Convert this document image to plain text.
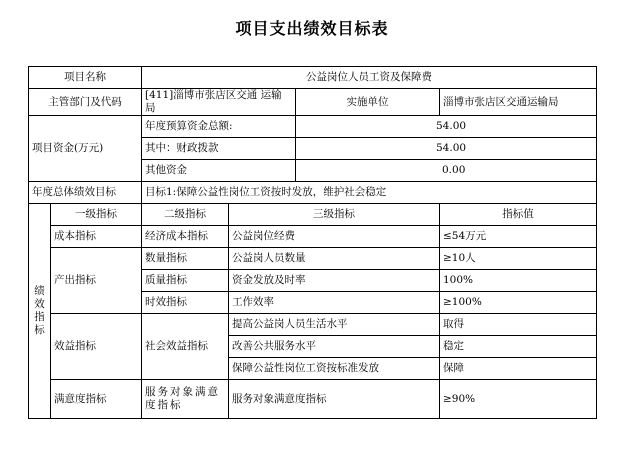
项目支出绩效目标表
项目名称		公益岗位人员工资及保障费			
主管部门及代码		[411]淄博市张店区交通 运输局		实施单位	淄博市张店区交通运输局
项目资金(万元)		年度预算资金总额:		54.00	
		其中：财政拨款		54.00	
		其他资金		0.00	
年度总体绩效目标		目标1:保障公益性岗位工资按时发放，维护社会稳定			
绩效指标	一级指标	二级指标	三级指标		指标值
	成本指标	经济成本指标	公益岗位经费		≤54万元
	产出指标	数量指标	公益岗人员数量		≥10人
		质量指标	资金发放及时率		100%
		时效指标	工作效率		≥100%
	效益指标	社会效益指标	提高公益岗人员生活水平		取得
			改善公共服务水平		稳定
			保障公益性岗位工资按标准发放		保障
	满意度指标	服务对象满意度指标	服务对象满意度指标		≥90%
